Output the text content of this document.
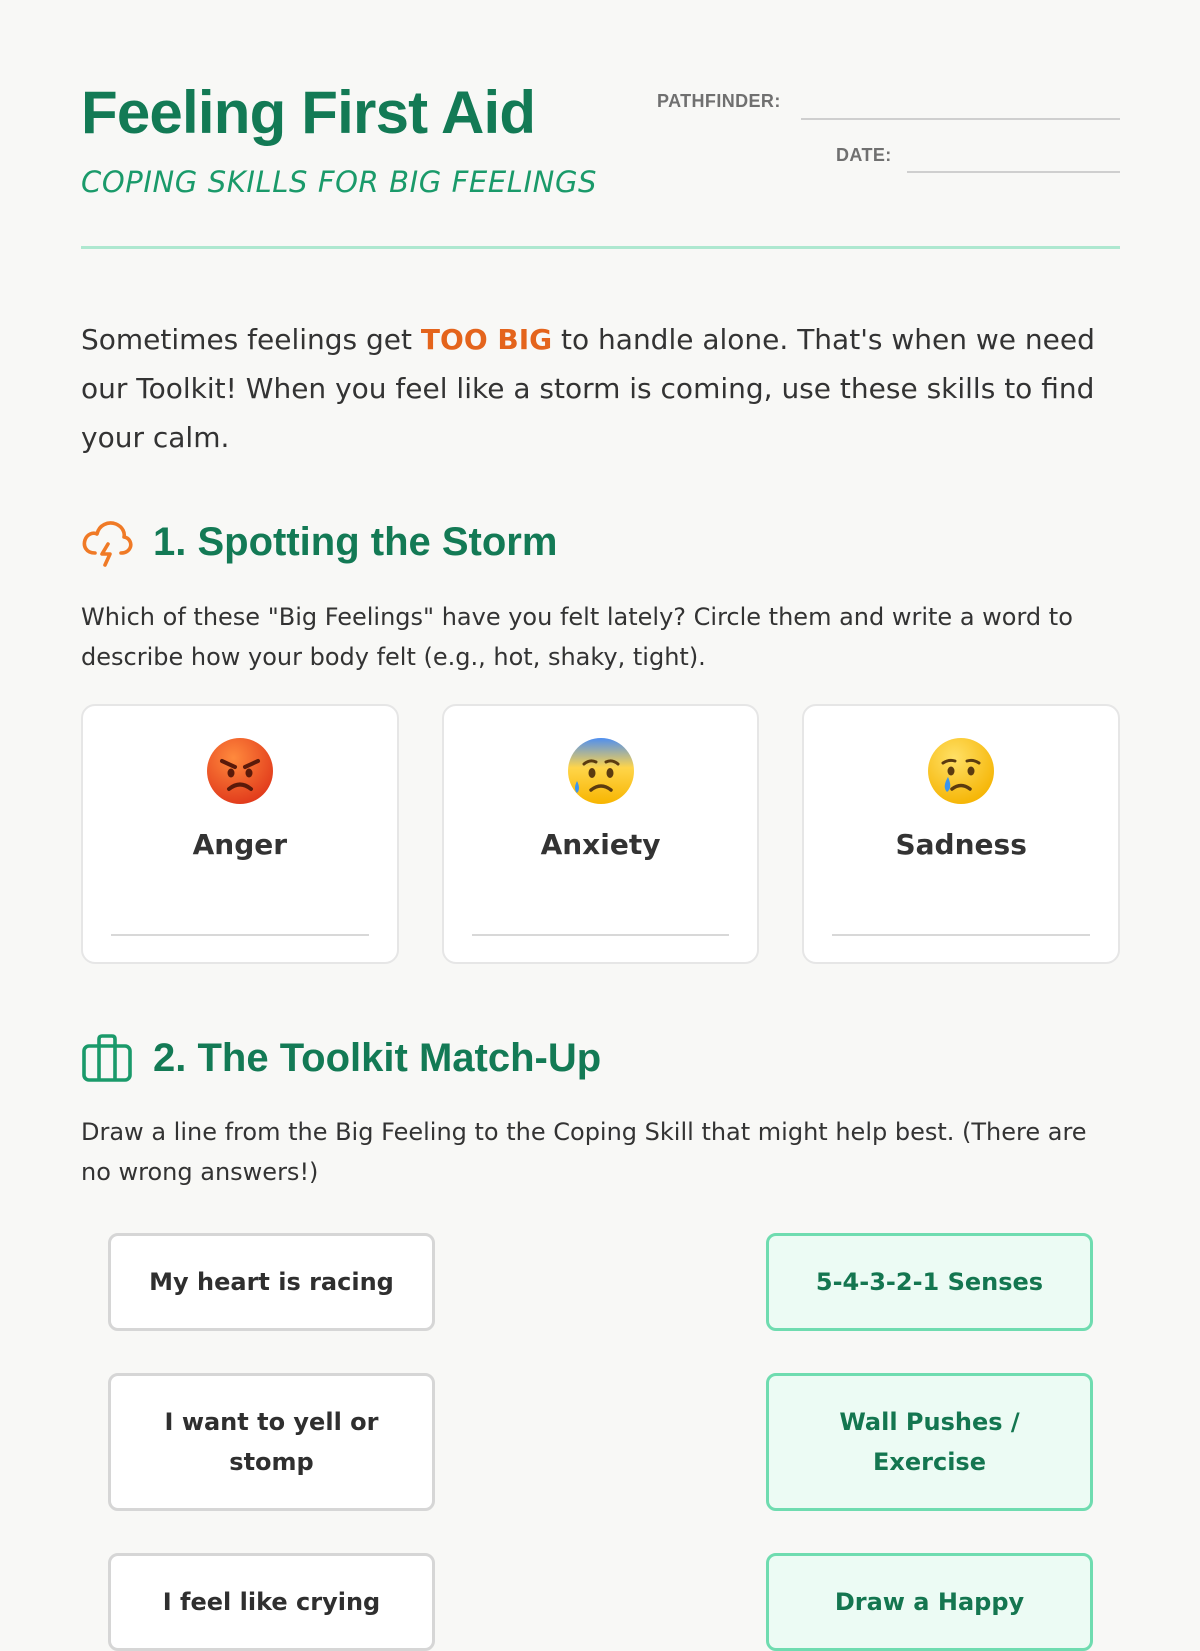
Feeling First Aid
COPING SKILLS FOR BIG FEELINGS
PATHFINDER:
DATE:
Sometimes feelings get TOO BIG to handle alone. That's when we need our Toolkit! When you feel like a storm is coming, use these skills to find your calm.
1. Spotting the Storm
Which of these "Big Feelings" have you felt lately? Circle them and write a word to describe how your body felt (e.g., hot, shaky, tight).
Anger	Anxiety	Sadness
2. The Toolkit Match-Up
Draw a line from the Big Feeling to the Coping Skill that might help best. (There are no wrong answers!)
My heart is racing
I want to yell or stomp
I feel like crying
5-4-3-2-1 Senses
Wall Pushes / Exercise
Draw a Happy
